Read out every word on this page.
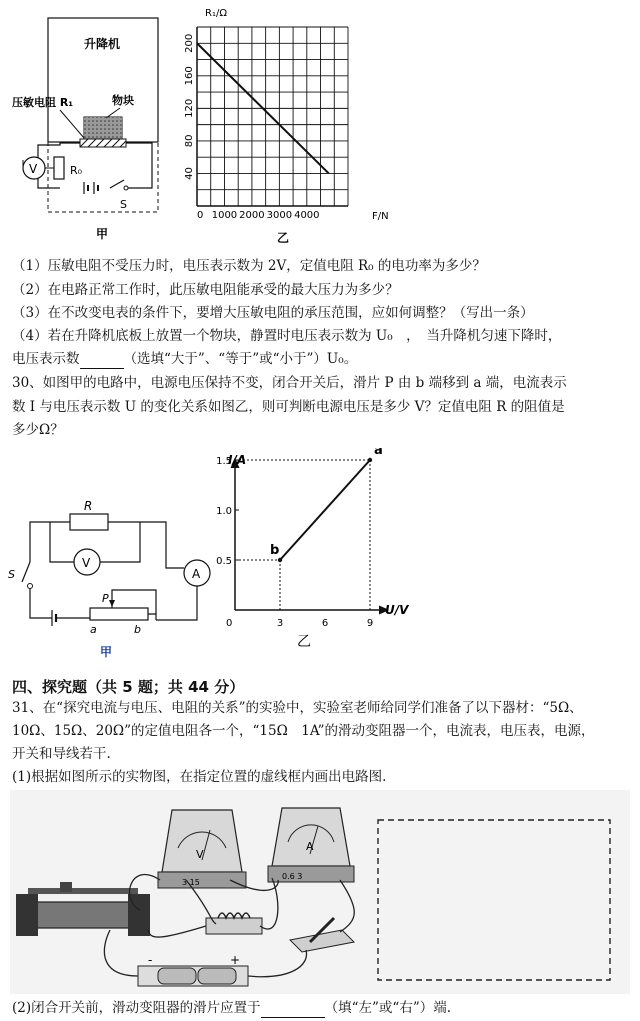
升降机
压敏电阻 R₁	物块
V	R₀
S
甲
R₁/Ω
F/N
乙
40
80
120
160
200
0 1000 2000 3000 4000
（1）压敏电阻不受压力时，电压表示数为 2V，定值电阻 R₀ 的电功率为多少？
（2）在电路正常工作时，此压敏电阻能承受的最大压力为多少？
（3）在不改变电表的条件下，要增大压敏电阻的承压范围，应如何调整？（写出一条）
（4）若在升降机底板上放置一个物块，静置时电压表示数为 U₀　，　当升降机匀速下降时，
电压表示数	（选填“大于”、“等于”或“小于”）U₀。
30、如图甲的电路中，电源电压保持不变，闭合开关后，滑片 P 由 b 端移到 a 端，电流表示
数 I 与电压表示数 U 的变化关系如图乙，则可判断电源电压是多少 V？定值电阻 R 的阻值是
多少Ω？
R
V
A
S
P
a	b
甲
I/A
U/V
0
0.5
1.0
1.5
3	6	9
b
a
乙
四、探究题（共 5 题；共 44 分）
31、在“探究电流与电压、电阻的关系”的实验中，实验室老师给同学们准备了以下器材：“5Ω、
10Ω、15Ω、20Ω”的定值电阻各一个，“15Ω　1A”的滑动变阻器一个，电流表，电压表，电源，
开关和导线若干.
(1)根据如图所示的实物图，在指定位置的虚线框内画出电路图.
V
3 15
A
0.6 3
-	+
(2)闭合开关前，滑动变阻器的滑片应置于	（填“左”或“右”）端.
